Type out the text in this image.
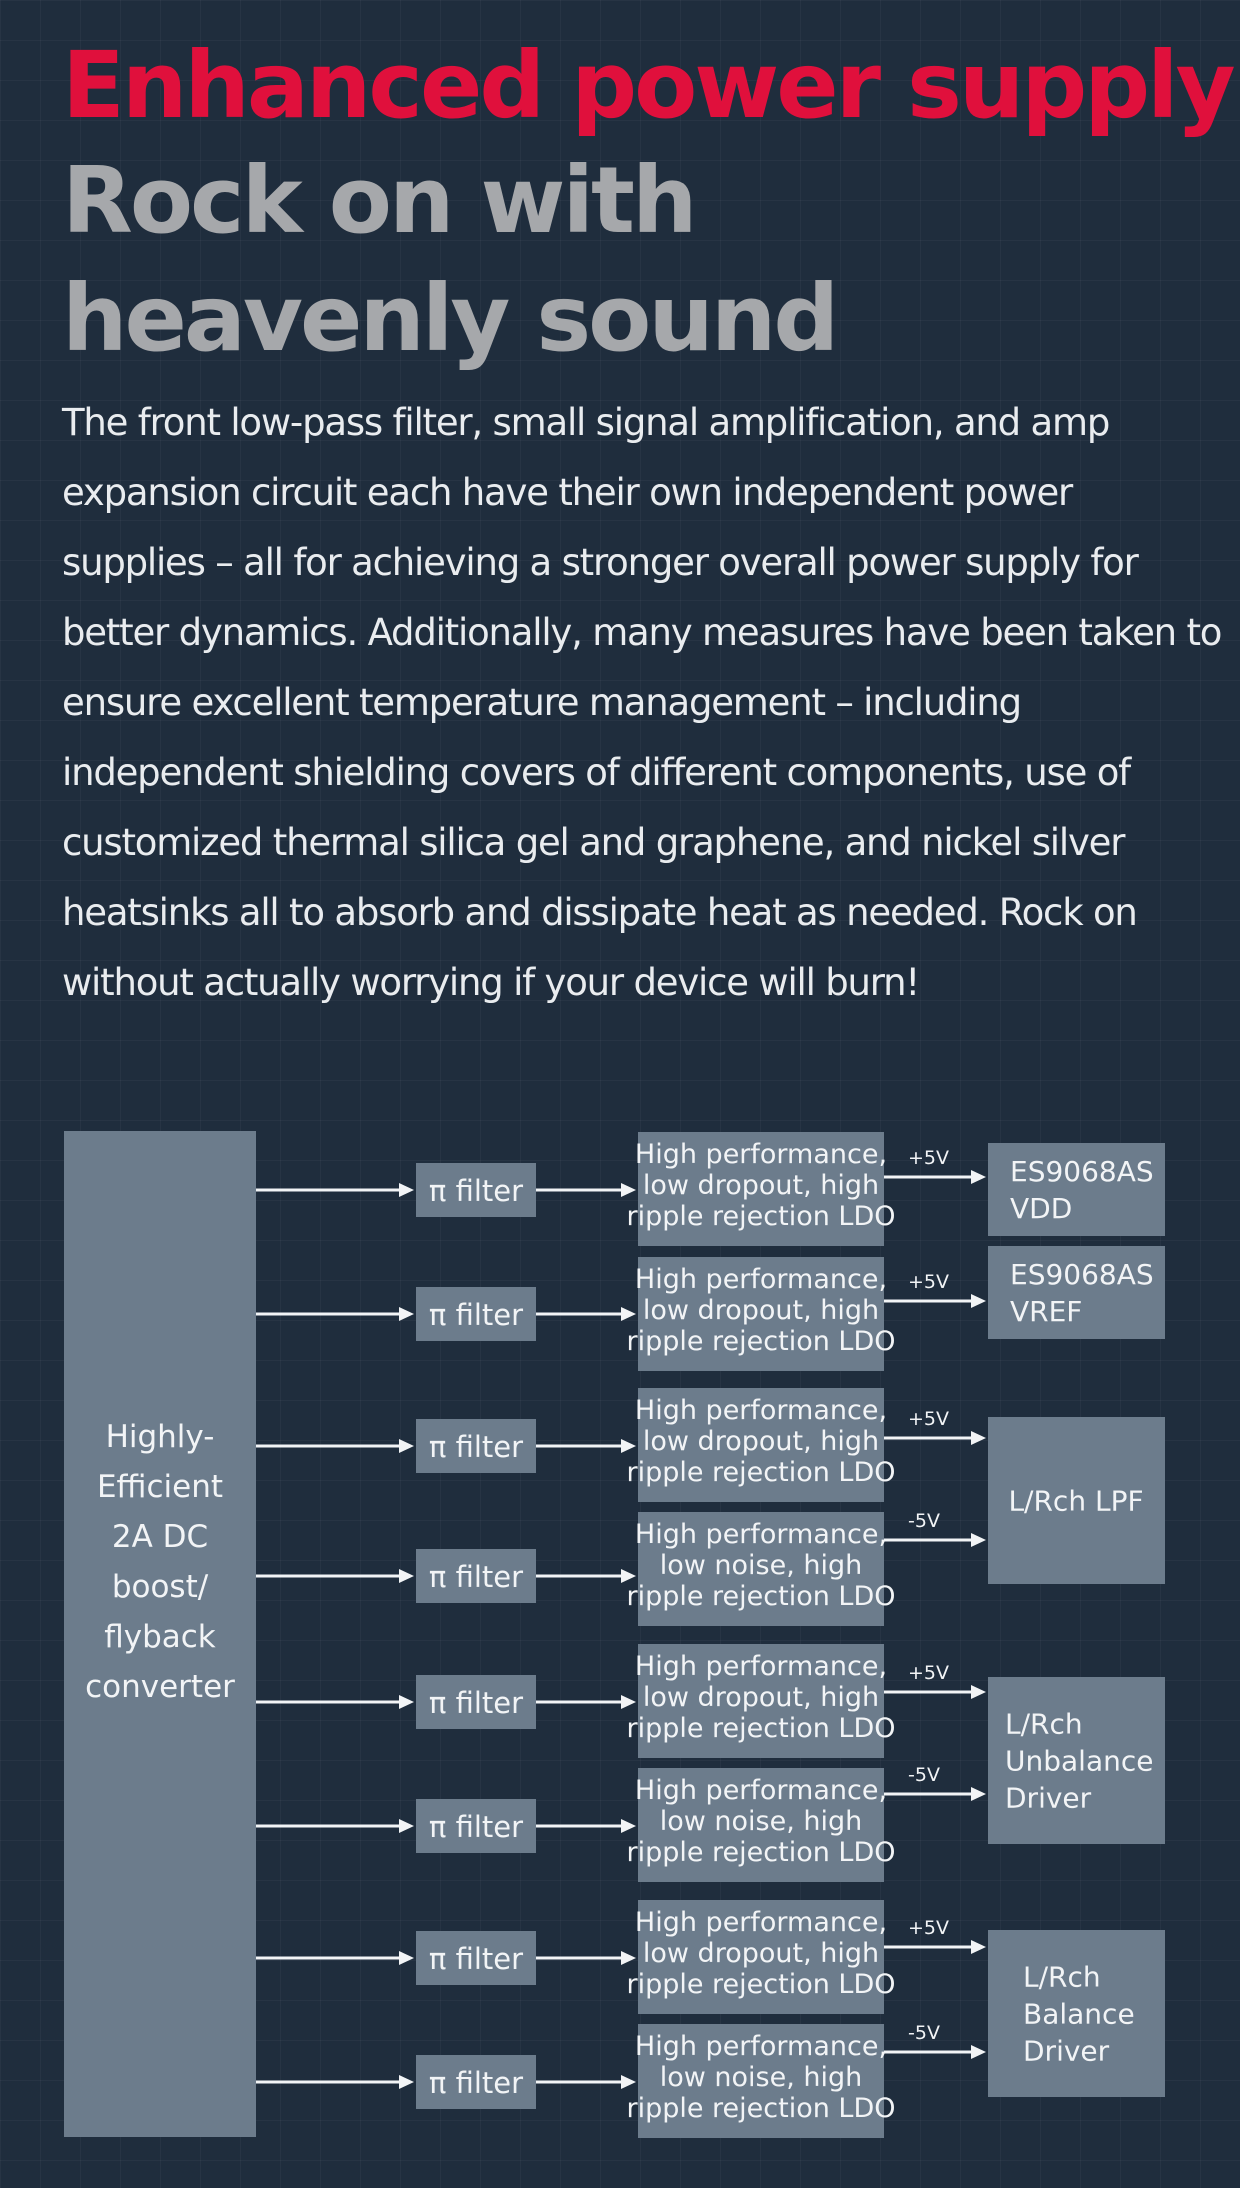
Enhanced power supply
Rock on with heavenly sound

The front low-pass filter, small signal amplification, and amp expansion circuit each have their own independent power supplies – all for achieving a stronger overall power supply for better dynamics. Additionally, many measures have been taken to ensure excellent temperature management – including independent shielding covers of different components, use of customized thermal silica gel and graphene, and nickel silver heatsinks all to absorb and dissipate heat as needed. Rock on without actually worrying if your device will burn!

Highly-Efficient 2A DC boost/ flyback converter
π filter
High performance, low dropout, high ripple rejection LDO
π filter
High performance, low dropout, high ripple rejection LDO
π filter
High performance, low dropout, high ripple rejection LDO
π filter
High performance, low noise, high ripple rejection LDO
π filter
High performance, low dropout, high ripple rejection LDO
π filter
High performance, low noise, high ripple rejection LDO
π filter
High performance, low dropout, high ripple rejection LDO
π filter
High performance, low noise, high ripple rejection LDO
ES9068AS VDD
+5V
ES9068AS VREF
+5V
L/Rch LPF
+5V
-5V
L/Rch Unbalance Driver
+5V
-5V
L/Rch Balance Driver
+5V
-5V
